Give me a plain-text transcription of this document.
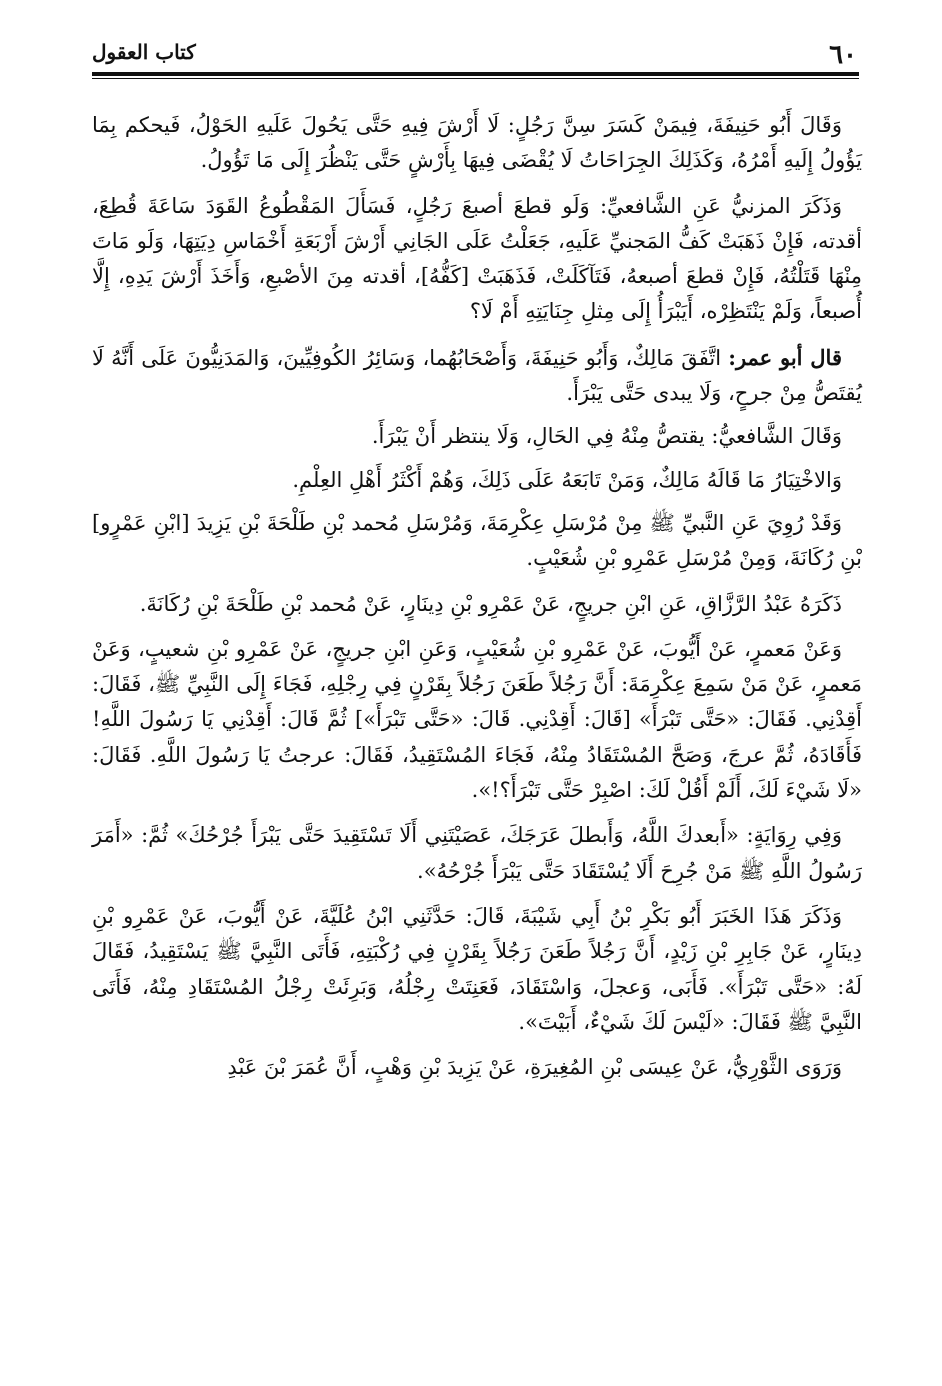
٦٠
كتاب العقول

وَقَالَ أَبُو حَنِيفَةَ، فِيمَنْ كَسَرَ سِنَّ رَجُلٍ: لَا أَرْشَ فِيهِ حَتَّى يَحُولَ عَلَيهِ الحَوْلُ، فَيحكم بِمَا يَؤُولُ إِلَيهِ أَمْرُهُ، وَكَذَلِكَ الجِرَاحَاتُ لَا يُقْضَى فِيهَا بِأَرْشٍ حَتَّى يَنْظُرَ إِلَى مَا تَؤُولُ.

وَذَكَرَ المزنيُّ عَنِ الشَّافعيِّ: وَلَو قطعَ أصبعَ رَجُلٍ، فَسَأَلَ المَقْطُوعُ القَوَدَ سَاعَةَ قُطِعَ، أقدته، فَإِنْ ذَهَبَتْ كَفُّ المَجنيِّ عَلَيهِ، جَعَلْتُ عَلَى الجَانِي أَرْشَ أَرْبَعَةِ أَخْمَاسِ دِيَتِهَا، وَلَو مَاتَ مِنْهَا قَتَلْتُهُ، فَإِنْ قطعَ أصبعهُ، فَتَآكَلَتْ، فَذَهَبَتْ [كَفُّهُ]، أقدته مِنَ الأصْبعِ، وَأَخَذَ أَرْشَ يَدِهِ، إِلَّا أُصبعاً، وَلَمْ يَنْتَظِرْه، أَيَبْرَأُ إِلَى مِثلِ جِنَايَتِهِ أَمْ لَا؟

قال أبو عمر: اتَّفَقَ مَالِكٌ، وَأَبُو حَنِيفَةَ، وَأَصْحَابُهُما، وَسَائِرُ الكُوفِيِّينَ، وَالمَدَنِيُّونَ عَلَى أَنَّهُ لَا يُقتَصُّ مِنْ جرحٍ، وَلَا يبدى حَتَّى يَبْرَأَ.

وَقَالَ الشَّافعيُّ: يقتصُّ مِنْهُ فِي الحَالِ، وَلَا ينتظر أَنْ يَبْرَأَ.

وَالاخْتِيَارُ مَا قَالَهُ مَالِكٌ، وَمَنْ تَابَعَهُ عَلَى ذَلِكَ، وَهُمْ أَكْثَرُ أَهْلِ العِلْمِ.

وَقَدْ رُوِيَ عَنِ النَّبيِّ ﷺ مِنْ مُرْسَلِ عِكْرِمَةَ، وَمُرْسَلِ مُحمد بْنِ طَلْحَةَ بْنِ يَزِيدَ [ابْنِ عَمْرٍو] بْنِ رُكَانَةَ، وَمِنْ مُرْسَلِ عَمْرِو بْنِ شُعَيْبٍ.

ذَكَرَهُ عَبْدُ الرَّزَّاقِ، عَنِ ابْنِ جريجٍ، عَنْ عَمْرِو بْنِ دِينَارٍ، عَنْ مُحمد بْنِ طَلْحَةَ بْنِ رُكَانَةَ.

وَعَنْ مَعمرٍ، عَنْ أَيُّوبَ، عَنْ عَمْرِو بْنِ شُعَيْبٍ، وَعَنِ ابْنِ جريجٍ، عَنْ عَمْرِو بْنِ شعيبٍ، وَعَنْ مَعمرٍ، عَنْ مَنْ سَمِعَ عِكْرِمَةَ: أَنَّ رَجُلاً طَعَنَ رَجُلاً بِقَرْنٍ فِي رِجْلِهِ، فَجَاءَ إِلَى النَّبِيِّ ﷺ، فَقَالَ: أَقِدْنِي. فَقَالَ: «حَتَّى تَبْرَأَ» [قَالَ: أَقِدْنِي. قَالَ: «حَتَّى تَبْرَأَ»] ثُمَّ قَالَ: أَقِدْنِي يَا رَسُولَ اللَّهِ! فَأَقَادَهُ، ثُمَّ عرجَ، وَصَحَّ المُسْتَقَادُ مِنْهُ، فَجَاءَ المُسْتَقِيدُ، فَقَالَ: عرجتُ يَا رَسُولَ اللَّهِ. فَقَالَ: «لَا شَيْءَ لَكَ، أَلَمْ أَقُلْ لَكَ: اصْبِرْ حَتَّى تَبْرَأَ؟!».

وَفِي رِوَايَةٍ: «أَبعدكَ اللَّهُ، وَأَبطلَ عَرَجَكَ، عَصَيْتَنِي أَلَا تَسْتَقِيدَ حَتَّى يَبْرَأَ جُرْحُكَ» ثُمَّ: «أَمَرَ رَسُولُ اللَّهِ ﷺ مَنْ جُرِحَ أَلَا يُسْتَقَادَ حَتَّى يَبْرَأَ جُرْحُهُ».

وَذَكَرَ هَذَا الخَبَرَ أَبُو بَكْرِ بْنُ أَبِي شَيْبَةَ، قَالَ: حَدَّثَنِي ابْنُ عُلَيَّةَ، عَنْ أَيُّوبَ، عَنْ عَمْرِو بْنِ دِينَارٍ، عَنْ جَابِرِ بْنِ زَيْدٍ، أَنَّ رَجُلاً طَعَنَ رَجُلاً بِقَرْنٍ فِي رُكْبَتِهِ، فَأَتَى النَّبِيَّ ﷺ يَسْتَقِيدُ، فَقَالَ لَهُ: «حَتَّى تَبْرَأَ». فَأَبَى، وَعجلَ، وَاسْتَقَادَ، فَعَنِتَتْ رِجْلُهُ، وَبَرِئَتْ رِجْلُ المُسْتَقَادِ مِنْهُ، فَأَتَى النَّبِيَّ ﷺ فَقَالَ: «لَيْسَ لَكَ شَيْءٌ، أَبَيْتَ».

وَرَوَى الثَّوْرِيُّ، عَنْ عِيسَى بْنِ المُغِيرَةِ، عَنْ يَزِيدَ بْنِ وَهْبٍ، أَنَّ عُمَرَ بْنَ عَبْدِ
